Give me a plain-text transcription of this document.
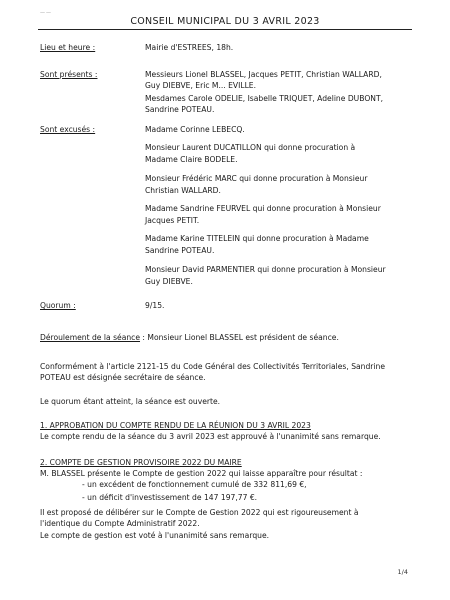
——
CONSEIL MUNICIPAL DU 3 AVRIL 2023
Lieu et heure :	Mairie d'ESTREES, 18h.
Sont présents :	Messieurs Lionel BLASSEL, Jacques PETIT, Christian WALLARD,
Guy DIEBVE, Eric M... EVILLE.
Mesdames Carole ODELIE, Isabelle TRIQUET, Adeline DUBONT,
Sandrine POTEAU.
Sont excusés :	Madame Corinne LEBECQ.
Monsieur Laurent DUCATILLON qui donne procuration à
Madame Claire BODELE.
Monsieur Frédéric MARC qui donne procuration à Monsieur
Christian WALLARD.
Madame Sandrine FEURVEL qui donne procuration à Monsieur
Jacques PETIT.
Madame Karine TITELEIN qui donne procuration à Madame
Sandrine POTEAU.
Monsieur David PARMENTIER qui donne procuration à Monsieur
Guy DIEBVE.
Quorum :	9/15.
Déroulement de la séance : Monsieur Lionel BLASSEL est président de séance.
Conformément à l'article 2121-15 du Code Général des Collectivités Territoriales, Sandrine
POTEAU est désignée secrétaire de séance.
Le quorum étant atteint, la séance est ouverte.
1. APPROBATION DU COMPTE RENDU DE LA RÉUNION DU 3 AVRIL 2023
Le compte rendu de la séance du 3 avril 2023 est approuvé à l'unanimité sans remarque.
2. COMPTE DE GESTION PROVISOIRE 2022 DU MAIRE
M. BLASSEL présente le Compte de gestion 2022 qui laisse apparaître pour résultat :
- un excédent de fonctionnement cumulé de 332 811,69 €,
- un déficit d'investissement de 147 197,77 €.
Il est proposé de délibérer sur le Compte de Gestion 2022 qui est rigoureusement à
l'identique du Compte Administratif 2022.
Le compte de gestion est voté à l'unanimité sans remarque.
1/4
